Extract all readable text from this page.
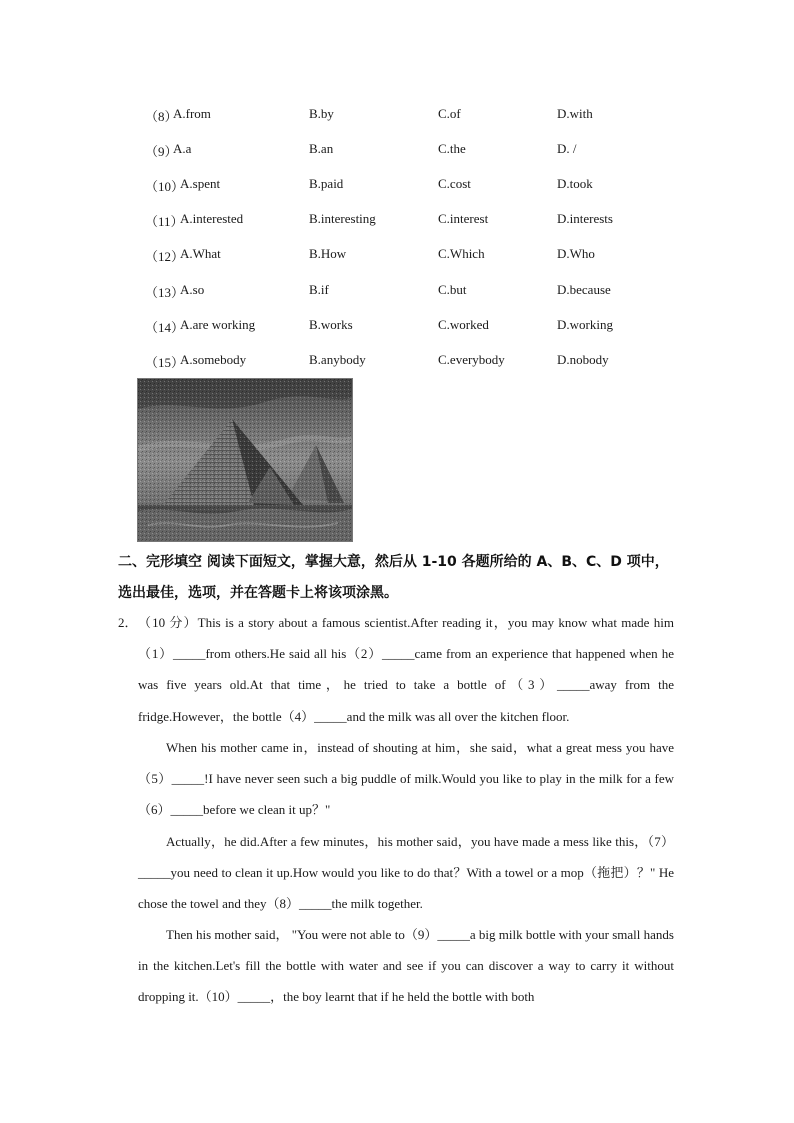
（8）
A.from	B.by	C.of	D.with
（9）
A.a	B.an	C.the	D. /
（10）
A.spent	B.paid	C.cost	D.took
（11）
A.interested	B.interesting	C.interest	D.interests
（12）
A.What	B.How	C.Which	D.Who
（13）
A.so	B.if	C.but	D.because
（14）
A.are working	B.works	C.worked	D.working
（15）
A.somebody	B.anybody	C.everybody	D.nobody
二、完形填空 阅读下面短文，掌握大意，然后从 1-10 各题所给的 A、B、C、D 项中，选出最佳，选项，并在答题卡上将该项涂黑。
2． （10 分）This is a story about a famous scientist.After reading it，you may know what made him（1）_____from others.He said all his（2）_____came from an experience that happened when he was five years old.At that time，he tried to take a bottle of（3）_____away from the fridge.However，the bottle（4）_____and the milk was all over the kitchen floor.
When his mother came in，instead of shouting at him，she said，what a great mess you have（5）_____!I have never seen such a big puddle of milk.Would you like to play in the milk for a few（6）_____before we clean it up？"
Actually，he did.After a few minutes，his mother said，you have made a mess like this，（7）_____you need to clean it up.How would you like to do that？With a towel or a mop（拖把）？" He chose the towel and they（8）_____the milk together.
Then his mother said， "You were not able to（9）_____a big milk bottle with your small hands in the kitchen.Let's fill the bottle with water and see if you can discover a way to carry it without dropping it.（10）_____，the boy learnt that if he held the bottle with both
